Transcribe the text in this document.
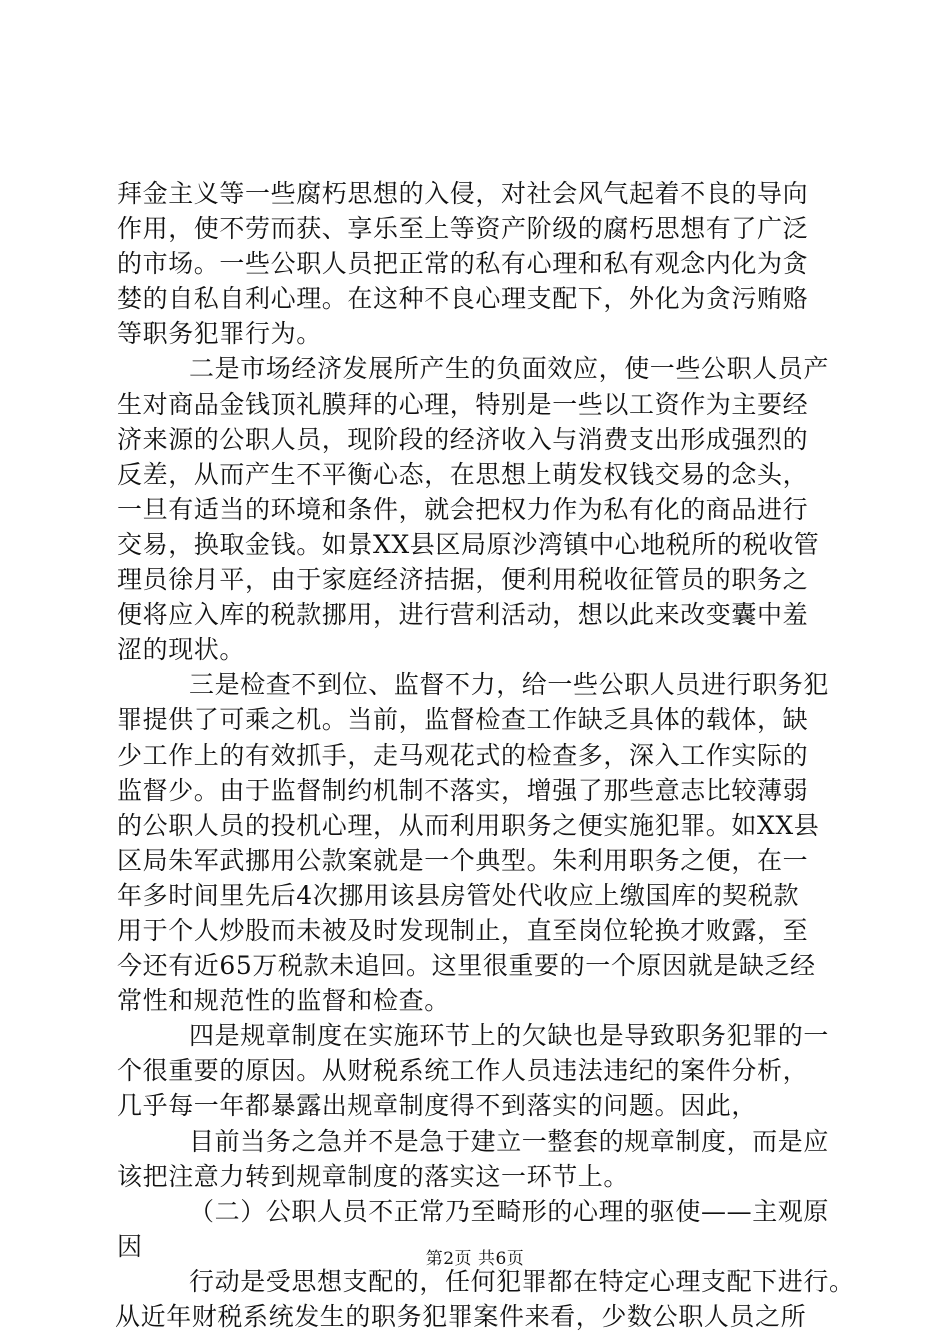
拜金主义等一些腐朽思想的入侵，对社会风气起着不良的导向
作用，使不劳而获、享乐至上等资产阶级的腐朽思想有了广泛
的市场。一些公职人员把正常的私有心理和私有观念内化为贪
婪的自私自利心理。在这种不良心理支配下，外化为贪污贿赂
等职务犯罪行为。
二是市场经济发展所产生的负面效应，使一些公职人员产
生对商品金钱顶礼膜拜的心理，特别是一些以工资作为主要经
济来源的公职人员，现阶段的经济收入与消费支出形成强烈的
反差，从而产生不平衡心态，在思想上萌发权钱交易的念头，
一旦有适当的环境和条件，就会把权力作为私有化的商品进行
交易，换取金钱。如景XX县区局原沙湾镇中心地税所的税收管
理员徐月平，由于家庭经济拮据，便利用税收征管员的职务之
便将应入库的税款挪用，进行营利活动，想以此来改变囊中羞
涩的现状。
三是检查不到位、监督不力，给一些公职人员进行职务犯
罪提供了可乘之机。当前，监督检查工作缺乏具体的载体，缺
少工作上的有效抓手，走马观花式的检查多，深入工作实际的
监督少。由于监督制约机制不落实，增强了那些意志比较薄弱
的公职人员的投机心理，从而利用职务之便实施犯罪。如XX县
区局朱军武挪用公款案就是一个典型。朱利用职务之便，在一
年多时间里先后4次挪用该县房管处代收应上缴国库的契税款
用于个人炒股而未被及时发现制止，直至岗位轮换才败露，至
今还有近65万税款未追回。这里很重要的一个原因就是缺乏经
常性和规范性的监督和检查。
四是规章制度在实施环节上的欠缺也是导致职务犯罪的一
个很重要的原因。从财税系统工作人员违法违纪的案件分析，
几乎每一年都暴露出规章制度得不到落实的问题。因此，
目前当务之急并不是急于建立一整套的规章制度，而是应
该把注意力转到规章制度的落实这一环节上。
（二）公职人员不正常乃至畸形的心理的驱使——主观原
因
行动是受思想支配的，任何犯罪都在特定心理支配下进行。
从近年财税系统发生的职务犯罪案件来看，少数公职人员之所
第2页 共6页
